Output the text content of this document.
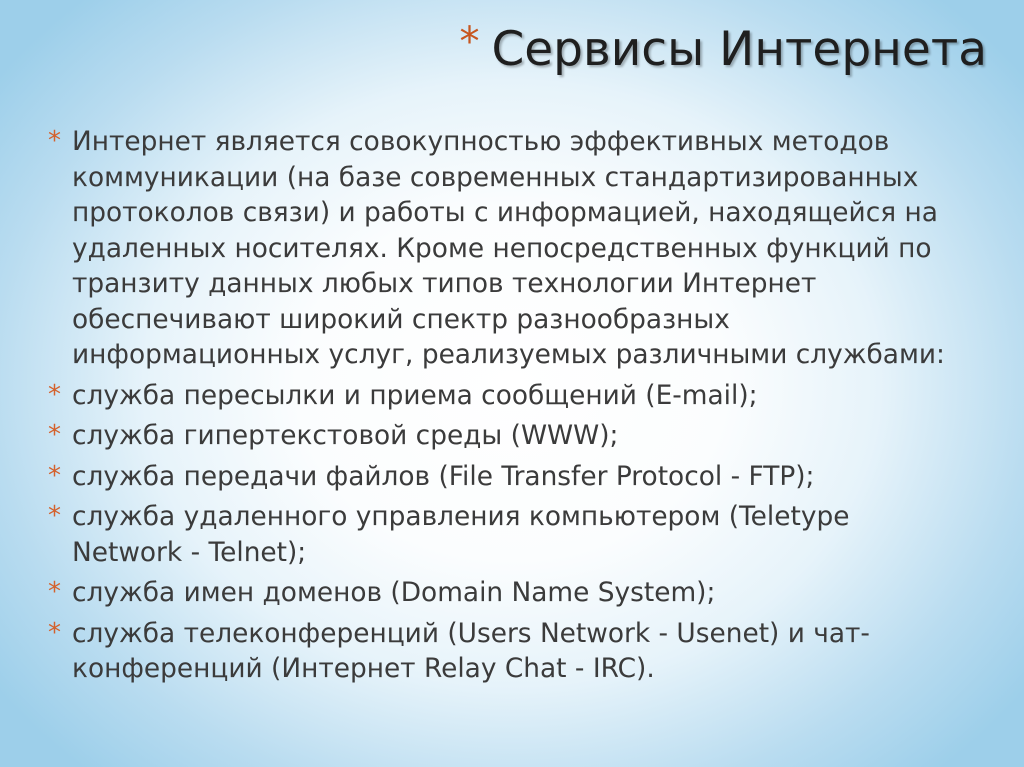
* Сервисы Интернета

* Интернет является совокупностью эффективных методов
коммуникации (на базе современных стандартизированных
протоколов связи) и работы с информацией, находящейся на
удаленных носителях. Кроме непосредственных функций по
транзиту данных любых типов технологии Интернет
обеспечивают широкий спектр разнообразных
информационных услуг, реализуемых различными службами:

* служба пересылки и приема сообщений (E-mail);

* служба гипертекстовой среды (WWW);

* служба передачи файлов (File Transfer Protocol - FTP);

* служба удаленного управления компьютером (Teletype
Network - Telnet);

* служба имен доменов (Domain Name System);

* служба телеконференций (Users Network - Usenet) и чат-
конференций (Интернет Relay Chat - IRC).
